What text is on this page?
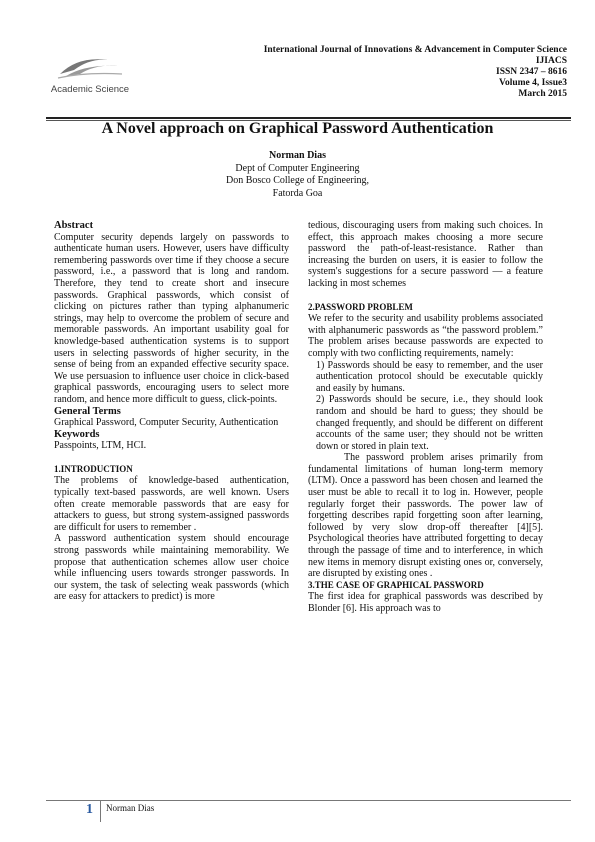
Academic Science
International Journal of Innovations & Advancement in Computer Science
IJIACS
ISSN 2347 – 8616
Volume 4, Issue3
March 2015
A Novel approach on Graphical Password Authentication
Norman Dias
Dept of Computer Engineering
Don Bosco College of Engineering,
Fatorda Goa

Abstract

Computer security depends largely on passwords to authenticate human users. However, users have difficulty remembering passwords over time if they choose a secure password, i.e., a password that is long and random. Therefore, they tend to create short and insecure passwords. Graphical passwords, which consist of clicking on pictures rather than typing alphanumeric strings, may help to overcome the problem of secure and memorable passwords. An important usability goal for knowledge-based authentication systems is to support users in selecting passwords of higher security, in the sense of being from an expanded effective security space. We use persuasion to influence user choice in click-based graphical passwords, encouraging users to select more random, and hence more difficult to guess, click-points.

General Terms

Graphical Password, Computer Security, Authentication

Keywords

Passpoints, LTM, HCI.

1.INTRODUCTION

The problems of knowledge-based authentication, typically text-based passwords, are well known. Users often create memorable passwords that are easy for attackers to guess, but strong system-assigned passwords are difficult for users to remember .

A password authentication system should encourage strong passwords while maintaining memorability. We propose that authentication schemes allow user choice while influencing users towards stronger passwords. In our system, the task of selecting weak passwords (which are easy for attackers to predict) is more

tedious, discouraging users from making such choices. In effect, this approach makes choosing a more secure password the path-of-least-resistance. Rather than increasing the burden on users, it is easier to follow the system's suggestions for a secure password — a feature lacking in most schemes

2.PASSWORD PROBLEM

We refer to the security and usability problems associated with alphanumeric passwords as “the password problem.” The problem arises because passwords are expected to comply with two conflicting requirements, namely:

1) Passwords should be easy to remember, and the user authentication protocol should be executable quickly and easily by humans.

2) Passwords should be secure, i.e., they should look random and should be hard to guess; they should be changed frequently, and should be different on different accounts of the same user; they should not be written down or stored in plain text.

The password problem arises primarily from fundamental limitations of human long-term memory (LTM). Once a password has been chosen and learned the user must be able to recall it to log in. However, people regularly forget their passwords. The power law of forgetting describes rapid forgetting soon after learning, followed by very slow drop-off thereafter [4][5]. Psychological theories have attributed forgetting to decay through the passage of time and to interference, in which new items in memory disrupt existing ones or, conversely, are disrupted by existing ones .

3.THE CASE OF GRAPHICAL PASSWORD

The first idea for graphical passwords was described by Blonder [6]. His approach was to

1 Norman Dias
